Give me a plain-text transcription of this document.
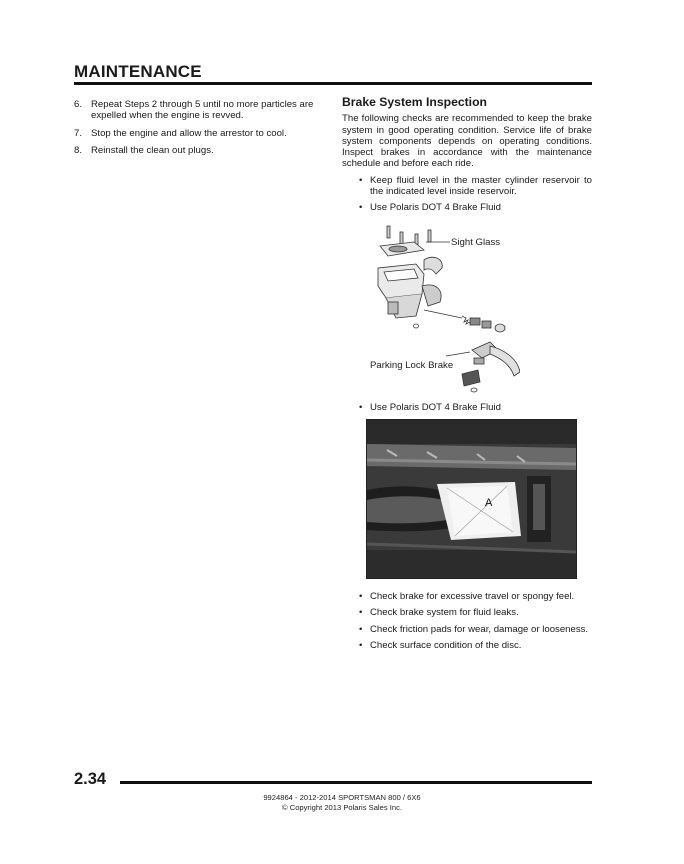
MAINTENANCE
6. Repeat Steps 2 through 5 until no more particles are expelled when the engine is revved.
7. Stop the engine and allow the arrestor to cool.
8. Reinstall the clean out plugs.
Brake System Inspection

The following checks are recommended to keep the brake system in good operating condition. Service life of brake system components depends on operating conditions. Inspect brakes in accordance with the maintenance schedule and before each ride.

• Keep fluid level in the master cylinder reservoir to the indicated level inside reservoir.
• Use Polaris DOT 4 Brake Fluid
Sight Glass
Parking Lock Brake
• Use Polaris DOT 4 Brake Fluid
A
• Check brake for excessive travel or spongy feel.
• Check brake system for fluid leaks.
• Check friction pads for wear, damage or looseness.
• Check surface condition of the disc.
2.34
9924864 - 2012-2014 SPORTSMAN 800 / 6X6
© Copyright 2013 Polaris Sales Inc.
